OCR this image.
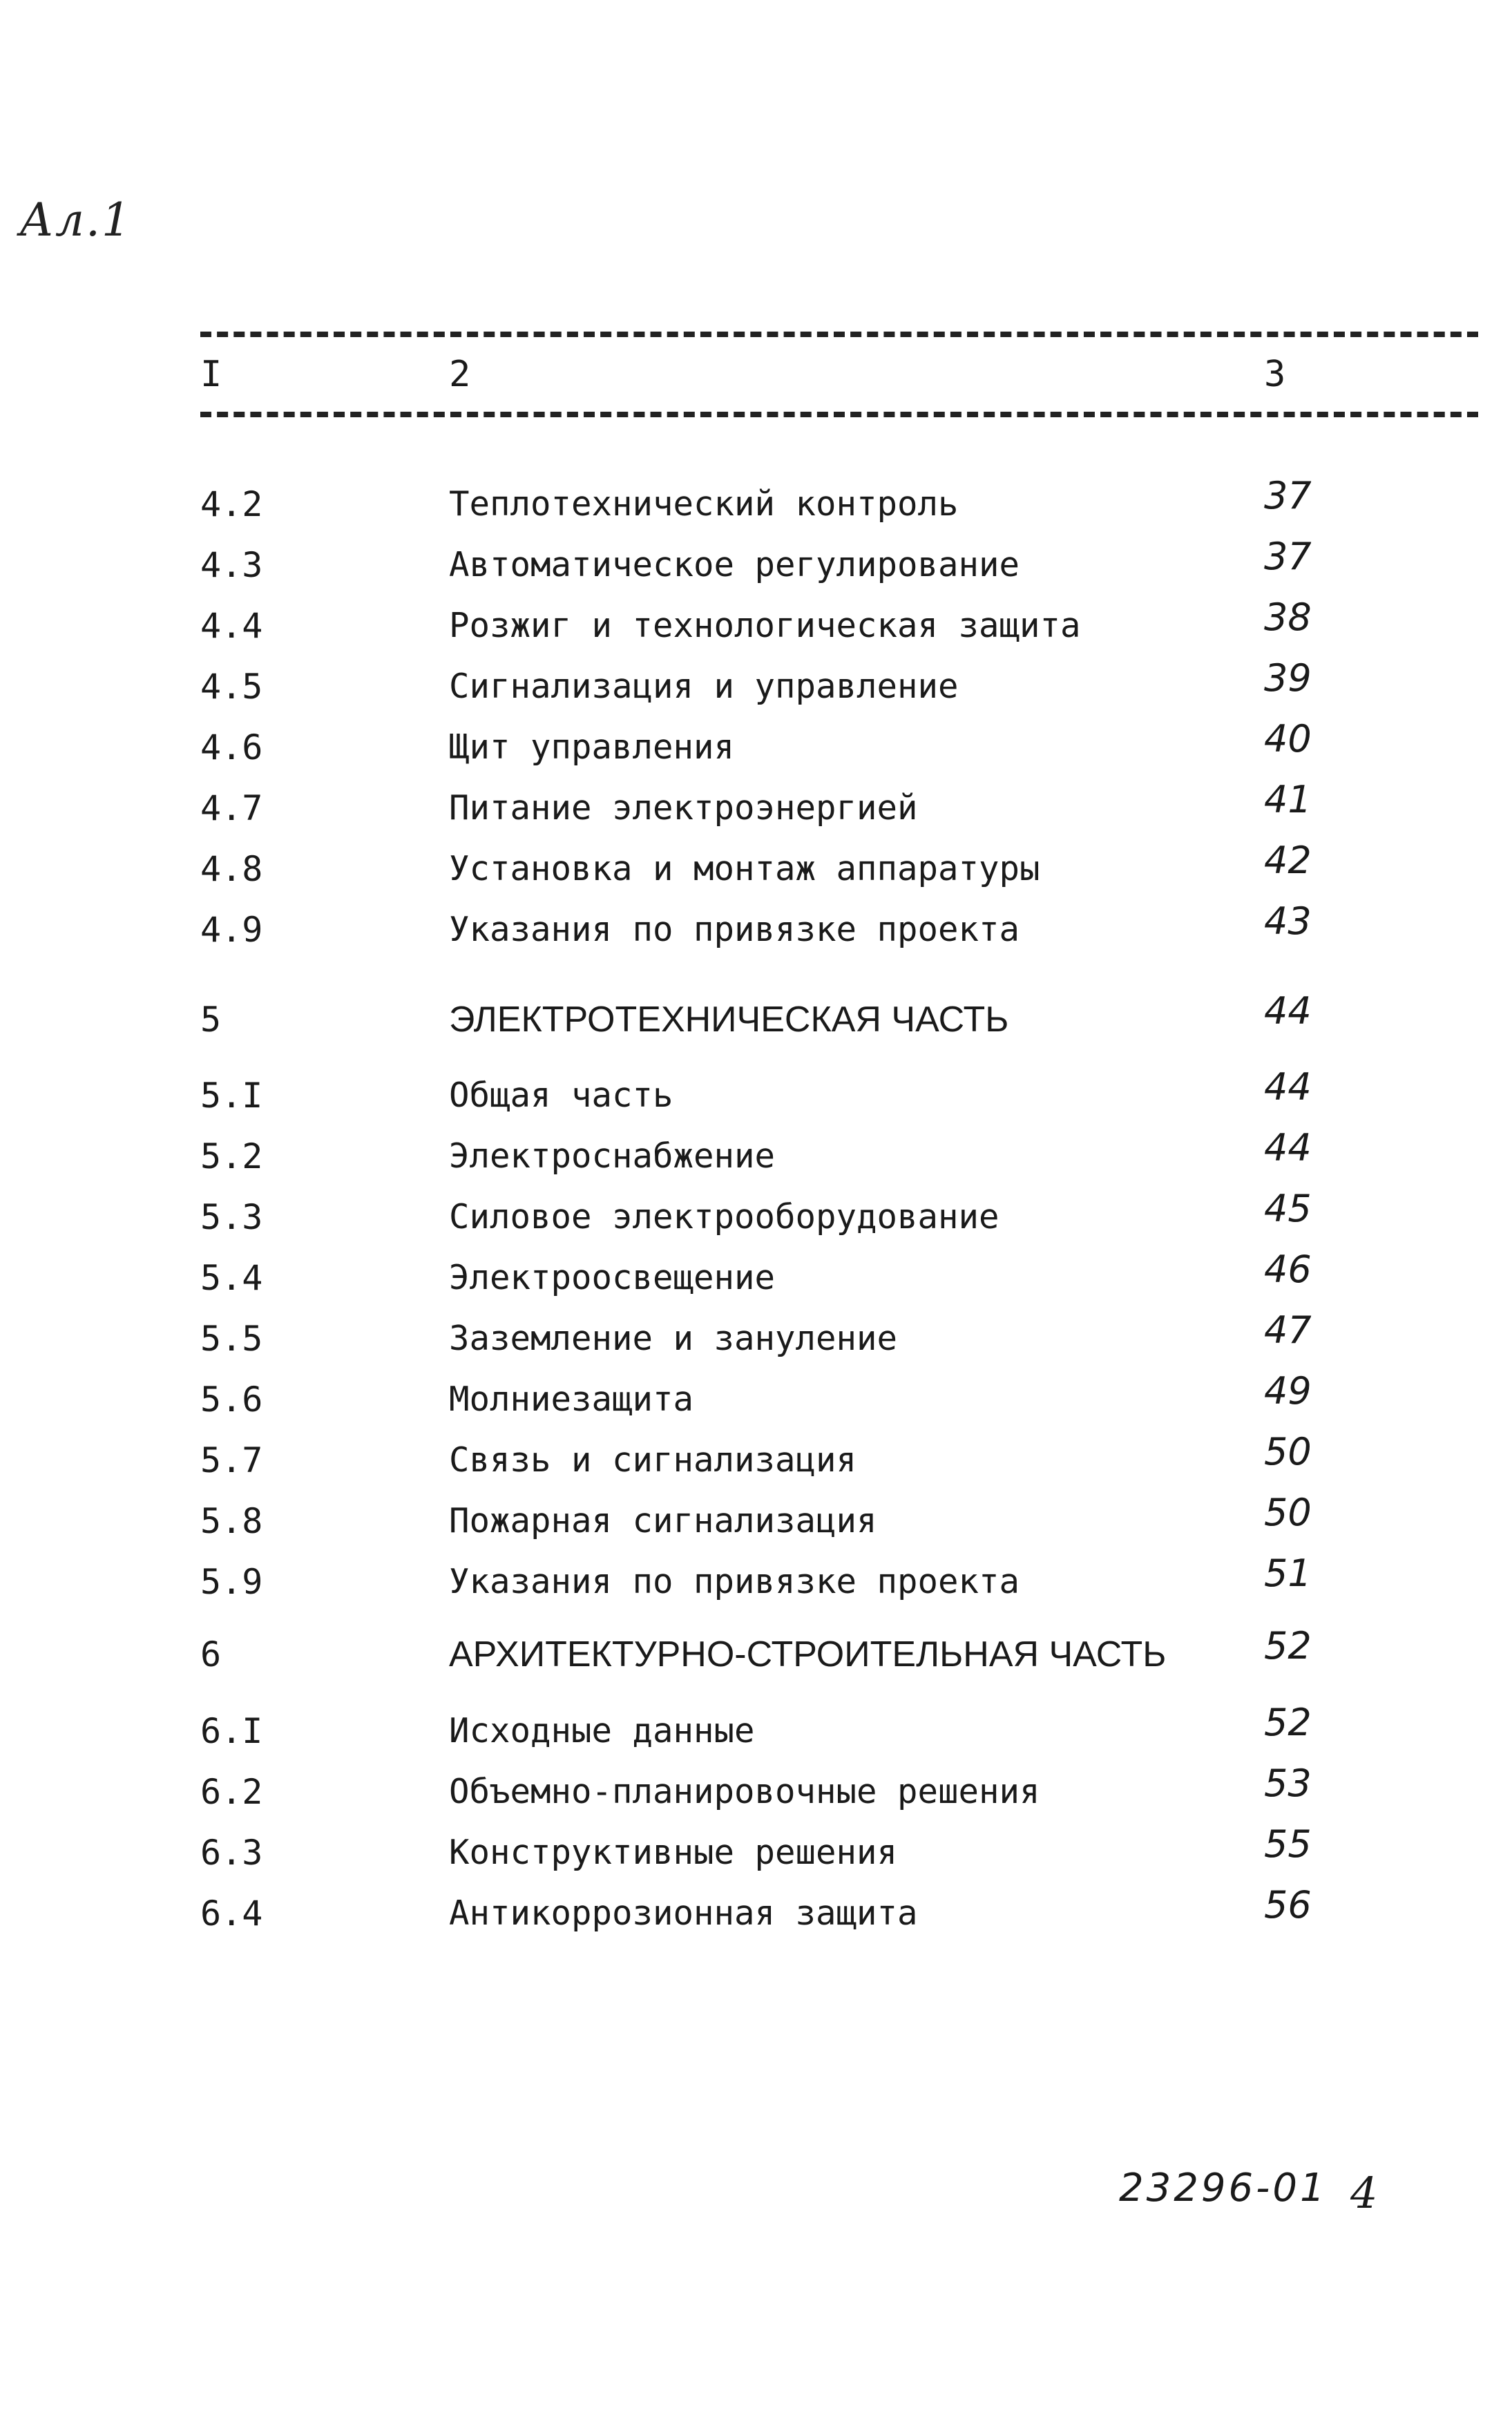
Ал.1
I	2	3
4.2	Теплотехнический контроль	37
4.3	Автоматическое регулирование	37
4.4	Розжиг и технологическая защита	38
4.5	Сигнализация и управление	39
4.6	Щит управления	40
4.7	Питание электроэнергией	41
4.8	Установка и монтаж аппаратуры	42
4.9	Указания по привязке проекта	43
5	ЭЛЕКТРОТЕХНИЧЕСКАЯ ЧАСТЬ	44
5.I	Общая часть	44
5.2	Электроснабжение	44
5.3	Силовое электрооборудование	45
5.4	Электроосвещение	46
5.5	Заземление и зануление	47
5.6	Молниезащита	49
5.7	Связь и сигнализация	50
5.8	Пожарная сигнализация	50
5.9	Указания по привязке проекта	51
6	АРХИТЕКТУРНО-СТРОИТЕЛЬНАЯ ЧАСТЬ	52
6.I	Исходные данные	52
6.2	Объемно-планировочные решения	53
6.3	Конструктивные решения	55
6.4	Антикоррозионная защита	56
23296-01 4
